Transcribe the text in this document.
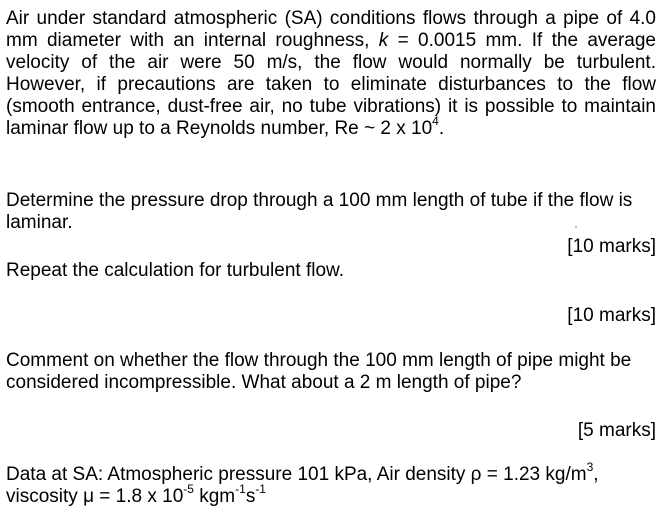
Air under standard atmospheric (SA) conditions flows through a pipe of 4.0 mm diameter with an internal roughness, k = 0.0015 mm. If the average velocity of the air were 50 m/s, the flow would normally be turbulent. However, if precautions are taken to eliminate disturbances to the flow (smooth entrance, dust-free air, no tube vibrations) it is possible to maintain laminar flow up to a Reynolds number, Re ~ 2 x $10^4$.

Determine the pressure drop through a 100 mm length of tube if the flow is laminar.

[10 marks]

Repeat the calculation for turbulent flow.

[10 marks]

Comment on whether the flow through the 100 mm length of pipe might be considered incompressible. What about a 2 m length of pipe?

[5 marks]

Data at SA: Atmospheric pressure 101 kPa, Air density ρ = 1.23 $kg/m^3$,

viscosity μ = 1.8 x $10^{-5}$ $kgm^{-1}s^{-1}$
